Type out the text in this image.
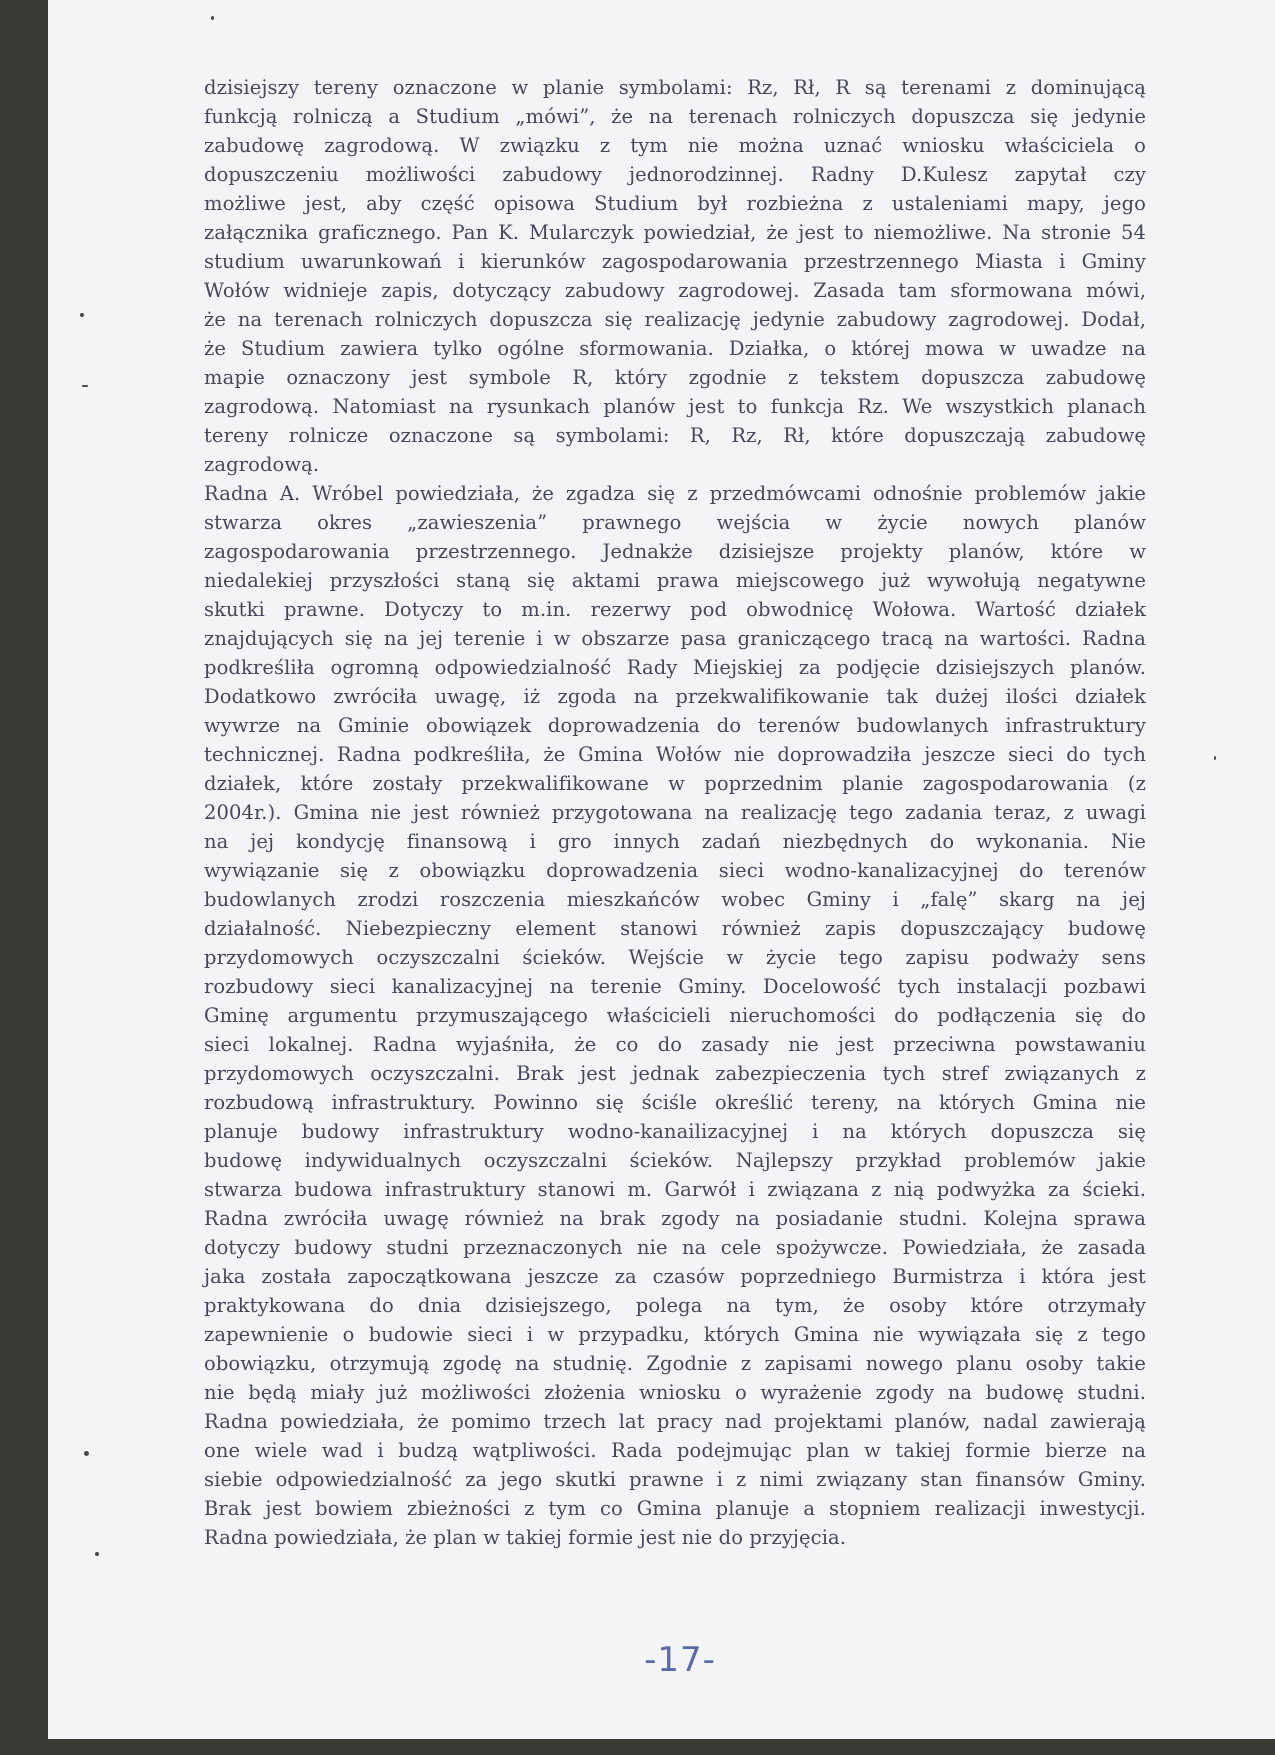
dzisiejszy tereny oznaczone w planie symbolami: Rz, Rł, R są terenami z dominującą
funkcją rolniczą a Studium „mówi”, że na terenach rolniczych dopuszcza się jedynie
zabudowę zagrodową. W związku z tym nie można uznać wniosku właściciela o
dopuszczeniu możliwości zabudowy jednorodzinnej. Radny D.Kulesz zapytał czy
możliwe jest, aby część opisowa Studium był rozbieżna z ustaleniami mapy, jego
załącznika graficznego. Pan K. Mularczyk powiedział, że jest to niemożliwe. Na stronie 54
studium uwarunkowań i kierunków zagospodarowania przestrzennego Miasta i Gminy
Wołów widnieje zapis, dotyczący zabudowy zagrodowej. Zasada tam sformowana mówi,
że na terenach rolniczych dopuszcza się realizację jedynie zabudowy zagrodowej. Dodał,
że Studium zawiera tylko ogólne sformowania. Działka, o której mowa w uwadze na
mapie oznaczony jest symbole R, który zgodnie z tekstem dopuszcza zabudowę
zagrodową. Natomiast na rysunkach planów jest to funkcja Rz. We wszystkich planach
tereny rolnicze oznaczone są symbolami: R, Rz, Rł, które dopuszczają zabudowę
zagrodową.
Radna A. Wróbel powiedziała, że zgadza się z przedmówcami odnośnie problemów jakie
stwarza okres „zawieszenia” prawnego wejścia w życie nowych planów
zagospodarowania przestrzennego. Jednakże dzisiejsze projekty planów, które w
niedalekiej przyszłości staną się aktami prawa miejscowego już wywołują negatywne
skutki prawne. Dotyczy to m.in. rezerwy pod obwodnicę Wołowa. Wartość działek
znajdujących się na jej terenie i w obszarze pasa graniczącego tracą na wartości. Radna
podkreśliła ogromną odpowiedzialność Rady Miejskiej za podjęcie dzisiejszych planów.
Dodatkowo zwróciła uwagę, iż zgoda na przekwalifikowanie tak dużej ilości działek
wywrze na Gminie obowiązek doprowadzenia do terenów budowlanych infrastruktury
technicznej. Radna podkreśliła, że Gmina Wołów nie doprowadziła jeszcze sieci do tych
działek, które zostały przekwalifikowane w poprzednim planie zagospodarowania (z
2004r.). Gmina nie jest również przygotowana na realizację tego zadania teraz, z uwagi
na jej kondycję finansową i gro innych zadań niezbędnych do wykonania. Nie
wywiązanie się z obowiązku doprowadzenia sieci wodno-kanalizacyjnej do terenów
budowlanych zrodzi roszczenia mieszkańców wobec Gminy i „falę” skarg na jej
działalność. Niebezpieczny element stanowi również zapis dopuszczający budowę
przydomowych oczyszczalni ścieków. Wejście w życie tego zapisu podważy sens
rozbudowy sieci kanalizacyjnej na terenie Gminy. Docelowość tych instalacji pozbawi
Gminę argumentu przymuszającego właścicieli nieruchomości do podłączenia się do
sieci lokalnej. Radna wyjaśniła, że co do zasady nie jest przeciwna powstawaniu
przydomowych oczyszczalni. Brak jest jednak zabezpieczenia tych stref związanych z
rozbudową infrastruktury. Powinno się ściśle określić tereny, na których Gmina nie
planuje budowy infrastruktury wodno-kanailizacyjnej i na których dopuszcza się
budowę indywidualnych oczyszczalni ścieków. Najlepszy przykład problemów jakie
stwarza budowa infrastruktury stanowi m. Garwół i związana z nią podwyżka za ścieki.
Radna zwróciła uwagę również na brak zgody na posiadanie studni. Kolejna sprawa
dotyczy budowy studni przeznaczonych nie na cele spożywcze. Powiedziała, że zasada
jaka została zapoczątkowana jeszcze za czasów poprzedniego Burmistrza i która jest
praktykowana do dnia dzisiejszego, polega na tym, że osoby które otrzymały
zapewnienie o budowie sieci i w przypadku, których Gmina nie wywiązała się z tego
obowiązku, otrzymują zgodę na studnię. Zgodnie z zapisami nowego planu osoby takie
nie będą miały już możliwości złożenia wniosku o wyrażenie zgody na budowę studni.
Radna powiedziała, że pomimo trzech lat pracy nad projektami planów, nadal zawierają
one wiele wad i budzą wątpliwości. Rada podejmując plan w takiej formie bierze na
siebie odpowiedzialność za jego skutki prawne i z nimi związany stan finansów Gminy.
Brak jest bowiem zbieżności z tym co Gmina planuje a stopniem realizacji inwestycji.
Radna powiedziała, że plan w takiej formie jest nie do przyjęcia.
-17-
